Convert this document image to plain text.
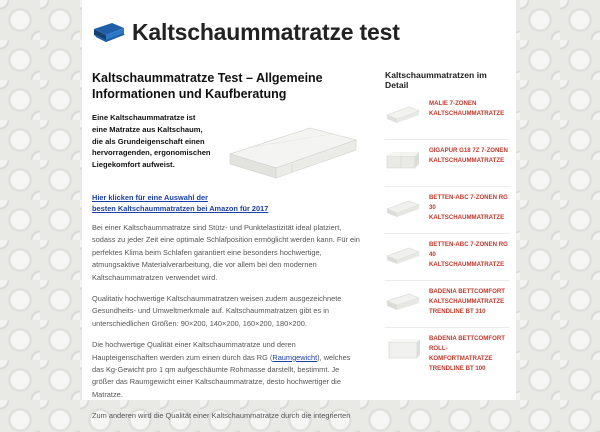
Kaltschaummatratze test
Kaltschaummatratze Test – Allgemeine Informationen und Kaufberatung

Eine Kaltschaummatratze ist eine Matratze aus Kaltschaum, die als Grundeigenschaft einen hervorragenden, ergonomischen Liegekomfort aufweist.

Hier klicken für eine Auswahl der
besten Kaltschaummatratzen bei Amazon für 2017

Bei einer Kaltschaummatratze sind Stütz- und Punktelastizität ideal platziert, sodass zu jeder Zeit eine optimale Schlafposition ermöglicht werden kann. Für ein perfektes Klima beim Schlafen garantiert eine besonders hochwertige, atmungsaktive Materialverarbeitung, die vor allem bei den modernen Kaltschaummatratzen verwendet wird.

Qualitativ hochwertige Kaltschaummatratzen weisen zudem ausgezeichnete Gesundheits- und Umweltmerkmale auf. Kaltschaummatratzen gibt es in unterschiedlichen Größen: 90×200, 140×200, 160×200, 180×200.

Die hochwertige Qualität einer Kaltschaummatratze und deren Haupteigenschaften werden zum einen durch das RG (Raumgewicht), welches das Kg-Gewicht pro 1 qm aufgeschäumte Rohmasse darstellt, bestimmt. Je größer das Raumgewicht einer Kaltschaummatratze, desto hochwertiger die Matratze.

Zum anderen wird die Qualität einer Kaltschaummatratze durch die integrierten

Kaltschaummatratzen im Detail
MALIE 7-ZONEN KALTSCHAUMMATRATZE
GIGAPUR G18 7Z 7-ZONEN KALTSCHAUMMATRATZE
BETTEN-ABC 7-ZONEN RG 30 KALTSCHAUMMATRATZE
BETTEN-ABC 7-ZONEN RG 40 KALTSCHAUMMATRATZE
BADENIA BETTCOMFORT KALTSCHAUMMATRATZE TRENDLINE BT 310
BADENIA BETTCOMFORT ROLL-KOMFORTMATRATZE TRENDLINE BT 100
